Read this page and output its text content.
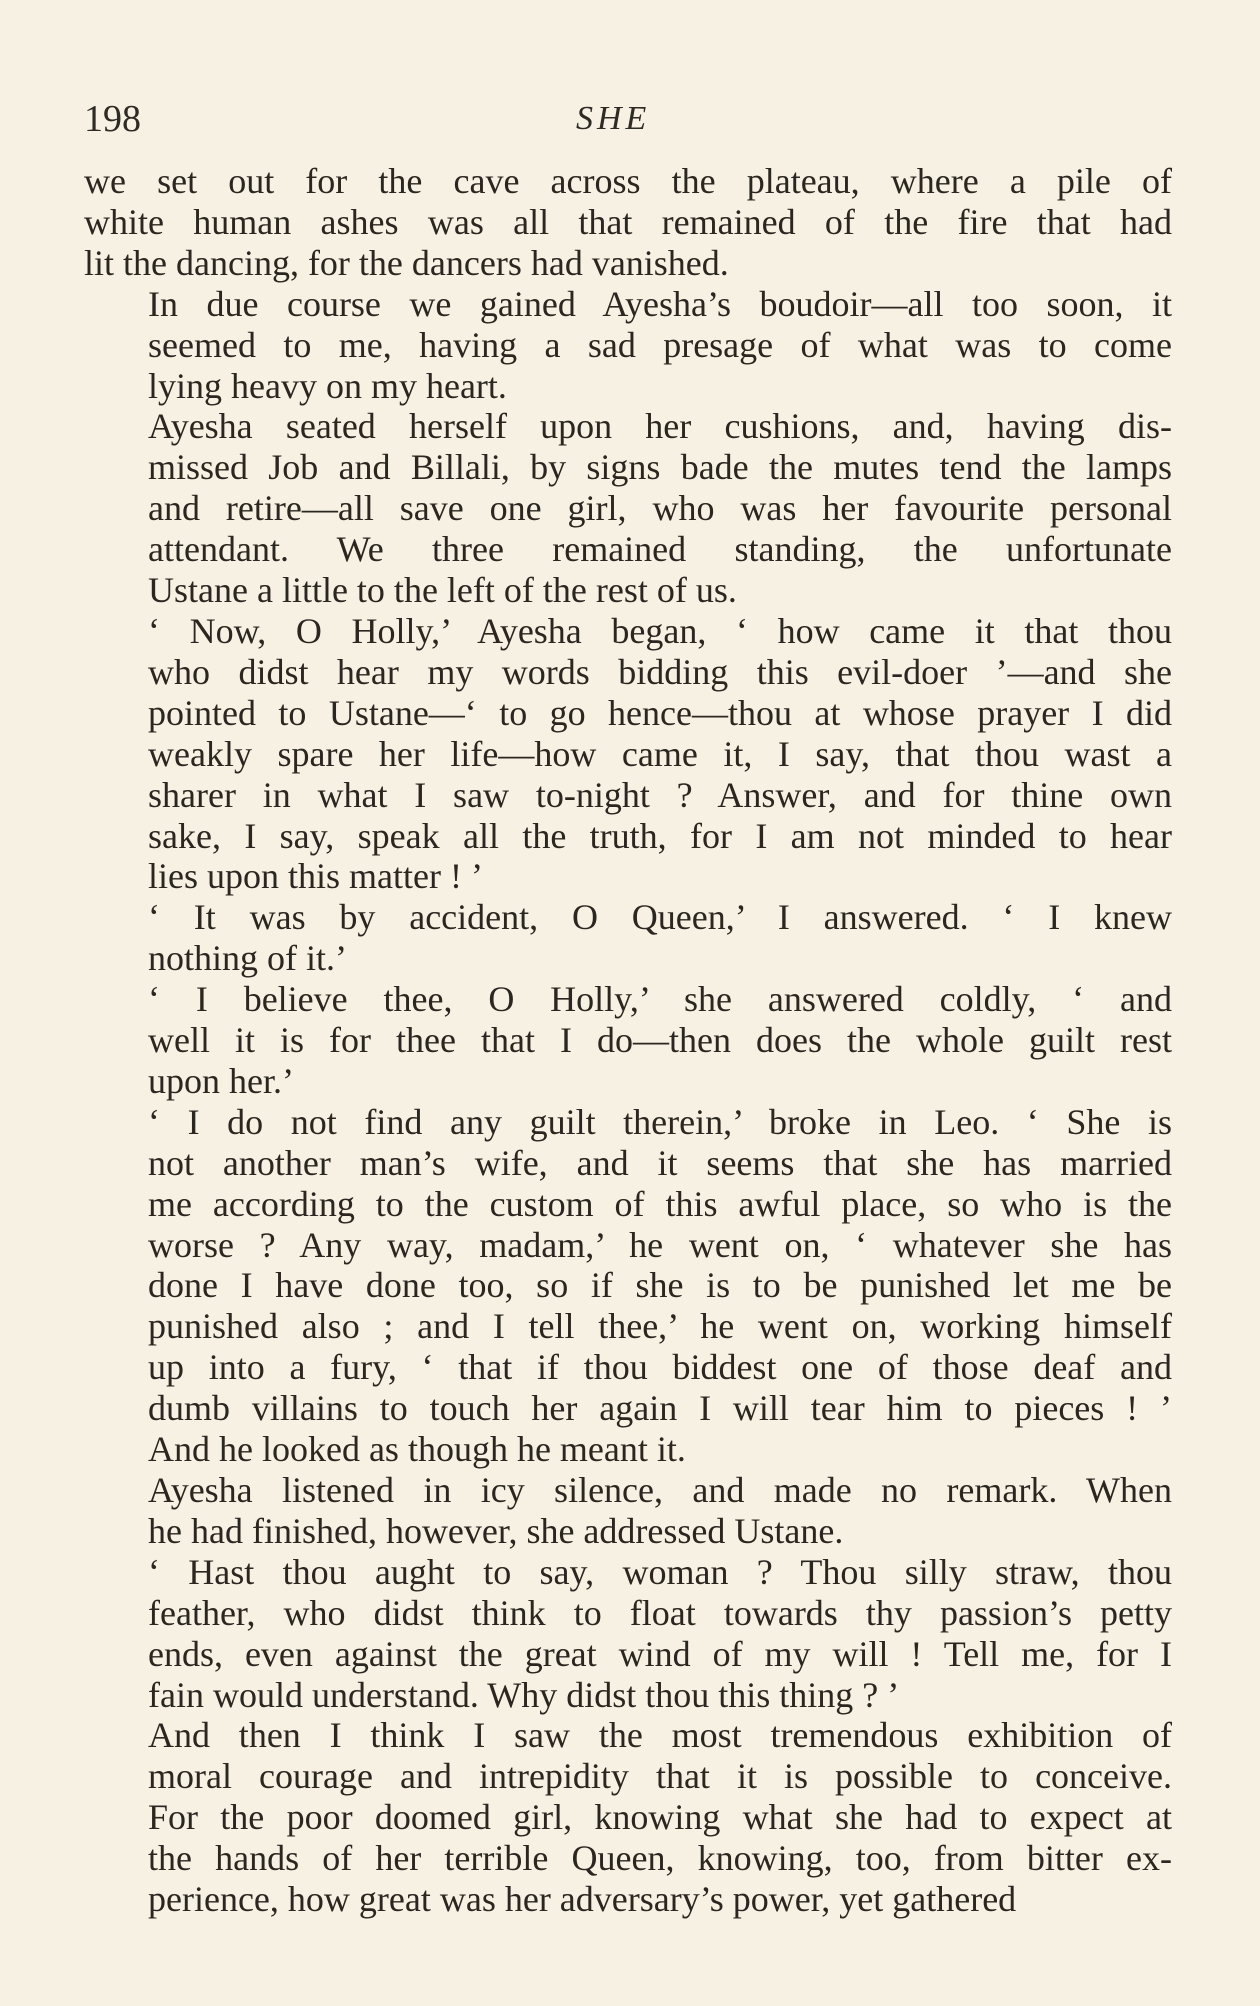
198	SHE
we set out for the cave across the plateau, where a pile of
white human ashes was all that remained of the fire that had
lit the dancing, for the dancers had vanished.
In due course we gained Ayesha’s boudoir—all too soon, it
seemed to me, having a sad presage of what was to come
lying heavy on my heart.
Ayesha seated herself upon her cushions, and, having dis-
missed Job and Billali, by signs bade the mutes tend the lamps
and retire—all save one girl, who was her favourite personal
attendant. We three remained standing, the unfortunate
Ustane a little to the left of the rest of us.
‘ Now, O Holly,’ Ayesha began, ‘ how came it that thou
who didst hear my words bidding this evil-doer ’—and she
pointed to Ustane—‘ to go hence—thou at whose prayer I did
weakly spare her life—how came it, I say, that thou wast a
sharer in what I saw to-night ? Answer, and for thine own
sake, I say, speak all the truth, for I am not minded to hear
lies upon this matter ! ’
‘ It was by accident, O Queen,’ I answered. ‘ I knew
nothing of it.’
‘ I believe thee, O Holly,’ she answered coldly, ‘ and
well it is for thee that I do—then does the whole guilt rest
upon her.’
‘ I do not find any guilt therein,’ broke in Leo. ‘ She is
not another man’s wife, and it seems that she has married
me according to the custom of this awful place, so who is the
worse ? Any way, madam,’ he went on, ‘ whatever she has
done I have done too, so if she is to be punished let me be
punished also ; and I tell thee,’ he went on, working himself
up into a fury, ‘ that if thou biddest one of those deaf and
dumb villains to touch her again I will tear him to pieces ! ’
And he looked as though he meant it.
Ayesha listened in icy silence, and made no remark. When
he had finished, however, she addressed Ustane.
‘ Hast thou aught to say, woman ? Thou silly straw, thou
feather, who didst think to float towards thy passion’s petty
ends, even against the great wind of my will ! Tell me, for I
fain would understand. Why didst thou this thing ? ’
And then I think I saw the most tremendous exhibition of
moral courage and intrepidity that it is possible to conceive.
For the poor doomed girl, knowing what she had to expect at
the hands of her terrible Queen, knowing, too, from bitter ex-
perience, how great was her adversary’s power, yet gathered
